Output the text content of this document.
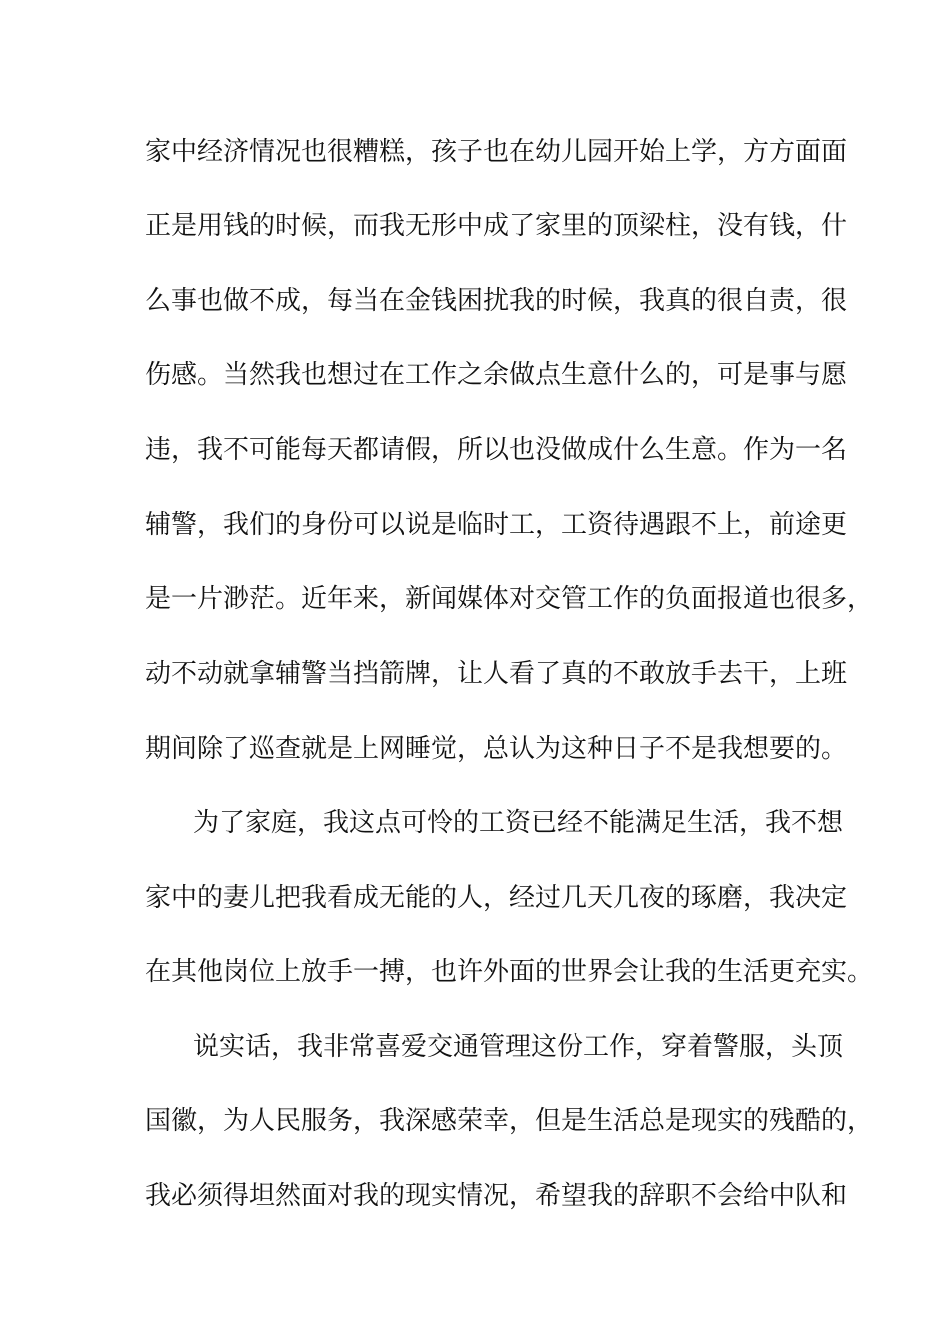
家中经济情况也很糟糕，孩子也在幼儿园开始上学，方方面面
正是用钱的时候，而我无形中成了家里的顶梁柱，没有钱，什
么事也做不成，每当在金钱困扰我的时候，我真的很自责，很
伤感。当然我也想过在工作之余做点生意什么的，可是事与愿
违，我不可能每天都请假，所以也没做成什么生意。作为一名
辅警，我们的身份可以说是临时工，工资待遇跟不上，前途更
是一片渺茫。近年来，新闻媒体对交管工作的负面报道也很多，
动不动就拿辅警当挡箭牌，让人看了真的不敢放手去干，上班
期间除了巡查就是上网睡觉，总认为这种日子不是我想要的。
为了家庭，我这点可怜的工资已经不能满足生活，我不想
家中的妻儿把我看成无能的人，经过几天几夜的琢磨，我决定
在其他岗位上放手一搏，也许外面的世界会让我的生活更充实。
说实话，我非常喜爱交通管理这份工作，穿着警服，头顶
国徽，为人民服务，我深感荣幸，但是生活总是现实的残酷的，
我必须得坦然面对我的现实情况，希望我的辞职不会给中队和
